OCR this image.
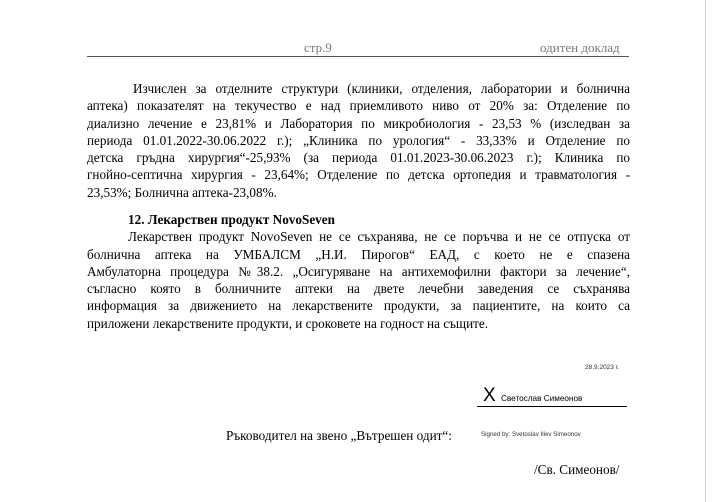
стр.9	одитен доклад
Изчислен за отделните структури (клиники, отделения, лаборатории и болнична
аптека) показателят на текучество е над приемливото ниво от 20% за: Отделение по
диализно лечение е 23,81% и Лаборатория по микробиология - 23,53 % (изследван за
периода 01.01.2022-30.06.2022 г.); „Клиника по урология“ - 33,33% и Отделение по
детска гръдна хирургия“-25,93% (за периода 01.01.2023-30.06.2023 г.); Клиника по
гнойно-септична хирургия - 23,64%; Отделение по детска ортопедия и травматология -
23,53%; Болнична аптека-23,08%.
12. Лекарствен продукт NovoSeven
Лекарствен продукт NovoSeven не се съхранява, не се поръчва и не се отпуска от
болнична аптека на УМБАЛСМ „Н.И. Пирогов“ ЕАД, с което не е спазена
Амбулаторна процедура №38.2. „Осигуряване на антихемофилни фактори за лечение“,
съгласно която в болничните аптеки на двете лечебни заведения се съхранява
информация за движението на лекарствените продукти, за пациентите, на които са
приложени лекарствените продукти, и сроковете на годност на същите.
28.9.2023 г.
X Светослав Симеонов
Ръководител на звено „Вътрешен одит“:	Signed by: Svetoslav Iliev Simeonov
/Св. Симеонов/
